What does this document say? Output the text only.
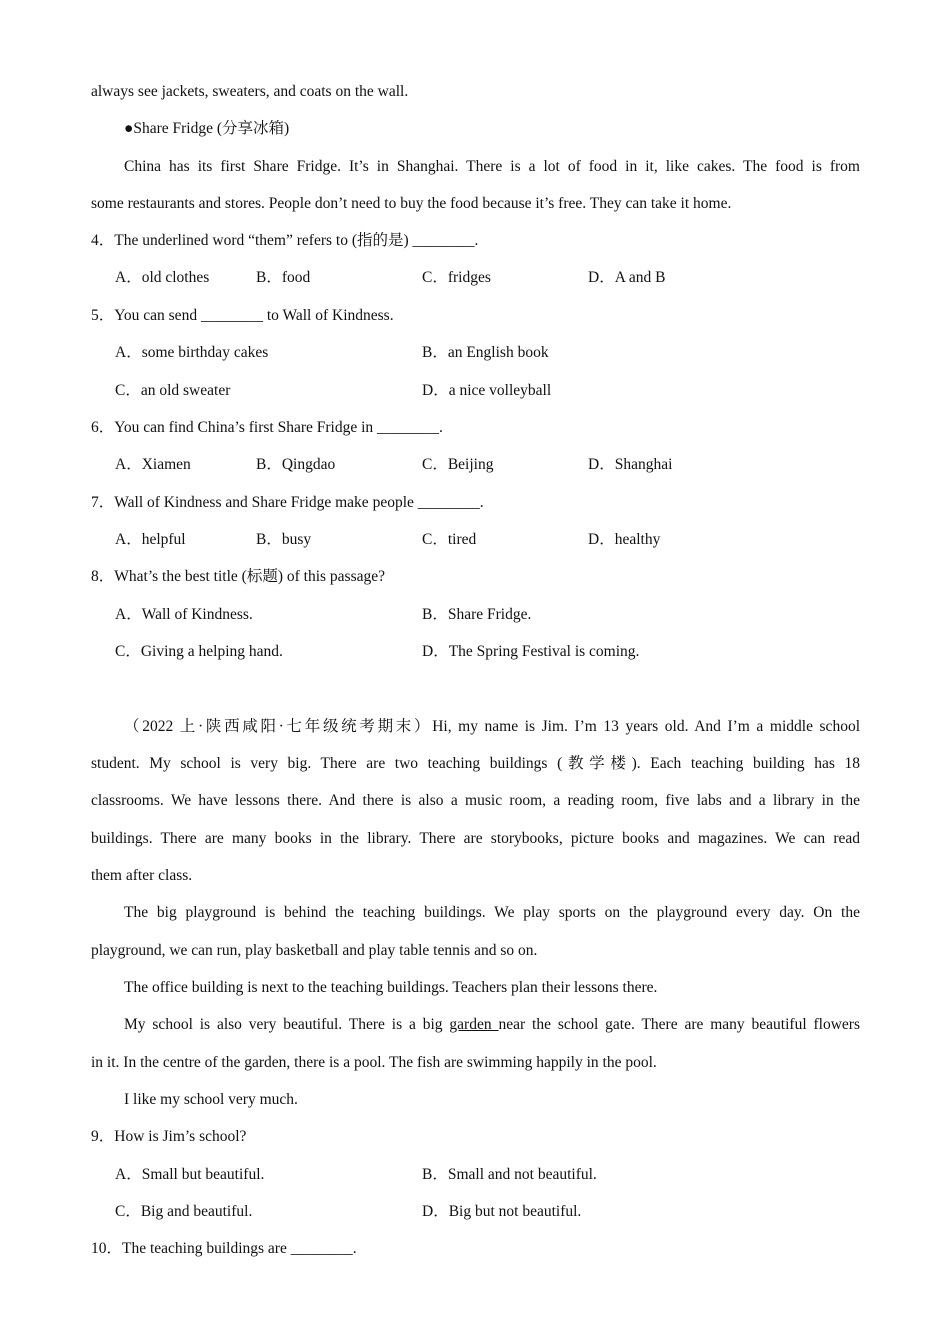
always see jackets, sweaters, and coats on the wall.
●Share Fridge (分享冰箱)
China has its first Share Fridge. It’s in Shanghai. There is a lot of food in it, like cakes. The food is from
some restaurants and stores. People don’t need to buy the food because it’s free. They can take it home.
4．The underlined word “them” refers to (指的是) ________.
A．old clothes	B．food	C．fridges	D．A and B
5．You can send ________ to Wall of Kindness.
A．some birthday cakes	B．an English book
C．an old sweater	D．a nice volleyball
6．You can find China’s first Share Fridge in ________.
A．Xiamen	B．Qingdao	C．Beijing	D．Shanghai
7．Wall of Kindness and Share Fridge make people ________.
A．helpful	B．busy	C．tired	D．healthy
8．What’s the best title (标题) of this passage?
A．Wall of Kindness.	B．Share Fridge.
C．Giving a helping hand.	D．The Spring Festival is coming.
（2022 上·陕西咸阳·七年级统考期末）Hi, my name is Jim. I’m 13 years old. And I’m a middle school
student. My school is very big. There are two teaching buildings (教学楼). Each teaching building has 18
classrooms. We have lessons there. And there is also a music room, a reading room, five labs and a library in the
buildings. There are many books in the library. There are storybooks, picture books and magazines. We can read
them after class.
The big playground is behind the teaching buildings. We play sports on the playground every day. On the
playground, we can run, play basketball and play table tennis and so on.
The office building is next to the teaching buildings. Teachers plan their lessons there.
My school is also very beautiful. There is a big garden near the school gate. There are many beautiful flowers
in it. In the centre of the garden, there is a pool. The fish are swimming happily in the pool.
I like my school very much.
9．How is Jim’s school?
A．Small but beautiful.	B．Small and not beautiful.
C．Big and beautiful.	D．Big but not beautiful.
10．The teaching buildings are ________.
